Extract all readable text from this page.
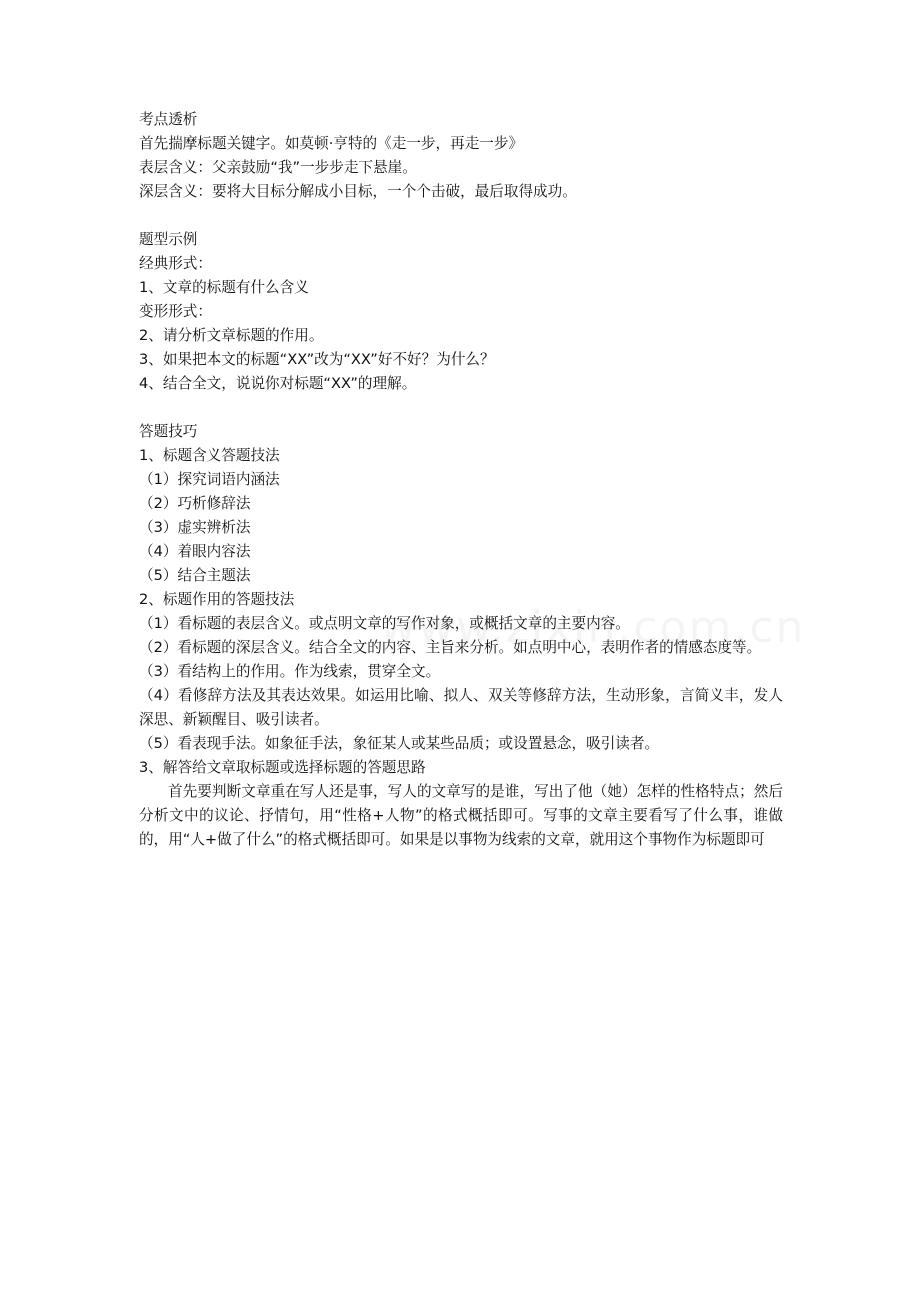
考点透析
首先揣摩标题关键字。如莫顿·亨特的《走一步，再走一步》
表层含义：父亲鼓励“我”一步步走下悬崖。
深层含义：要将大目标分解成小目标，一个个击破，最后取得成功。
题型示例
经典形式：
1、文章的标题有什么含义
变形形式：
2、请分析文章标题的作用。
3、如果把本文的标题“XX”改为“XX”好不好？为什么？
4、结合全文，说说你对标题“XX”的理解。
答题技巧
1、标题含义答题技法
（1）探究词语内涵法
（2）巧析修辞法
（3）虚实辨析法
（4）着眼内容法
（5）结合主题法
2、标题作用的答题技法
（1）看标题的表层含义。或点明文章的写作对象，或概括文章的主要内容。
（2）看标题的深层含义。结合全文的内容、主旨来分析。如点明中心，表明作者的情感态度等。
（3）看结构上的作用。作为线索，贯穿全文。
（4）看修辞方法及其表达效果。如运用比喻、拟人、双关等修辞方法，生动形象，言简义丰，发人深思、新颖醒目、吸引读者。
（5）看表现手法。如象征手法，象征某人或某些品质；或设置悬念，吸引读者。
3、解答给文章取标题或选择标题的答题思路
首先要判断文章重在写人还是事，写人的文章写的是谁，写出了他（她）怎样的性格特点；然后分析文中的议论、抒情句，用“性格+人物”的格式概括即可。写事的文章主要看写了什么事，谁做的，用“人+做了什么”的格式概括即可。如果是以事物为线索的文章，就用这个事物作为标题即可
